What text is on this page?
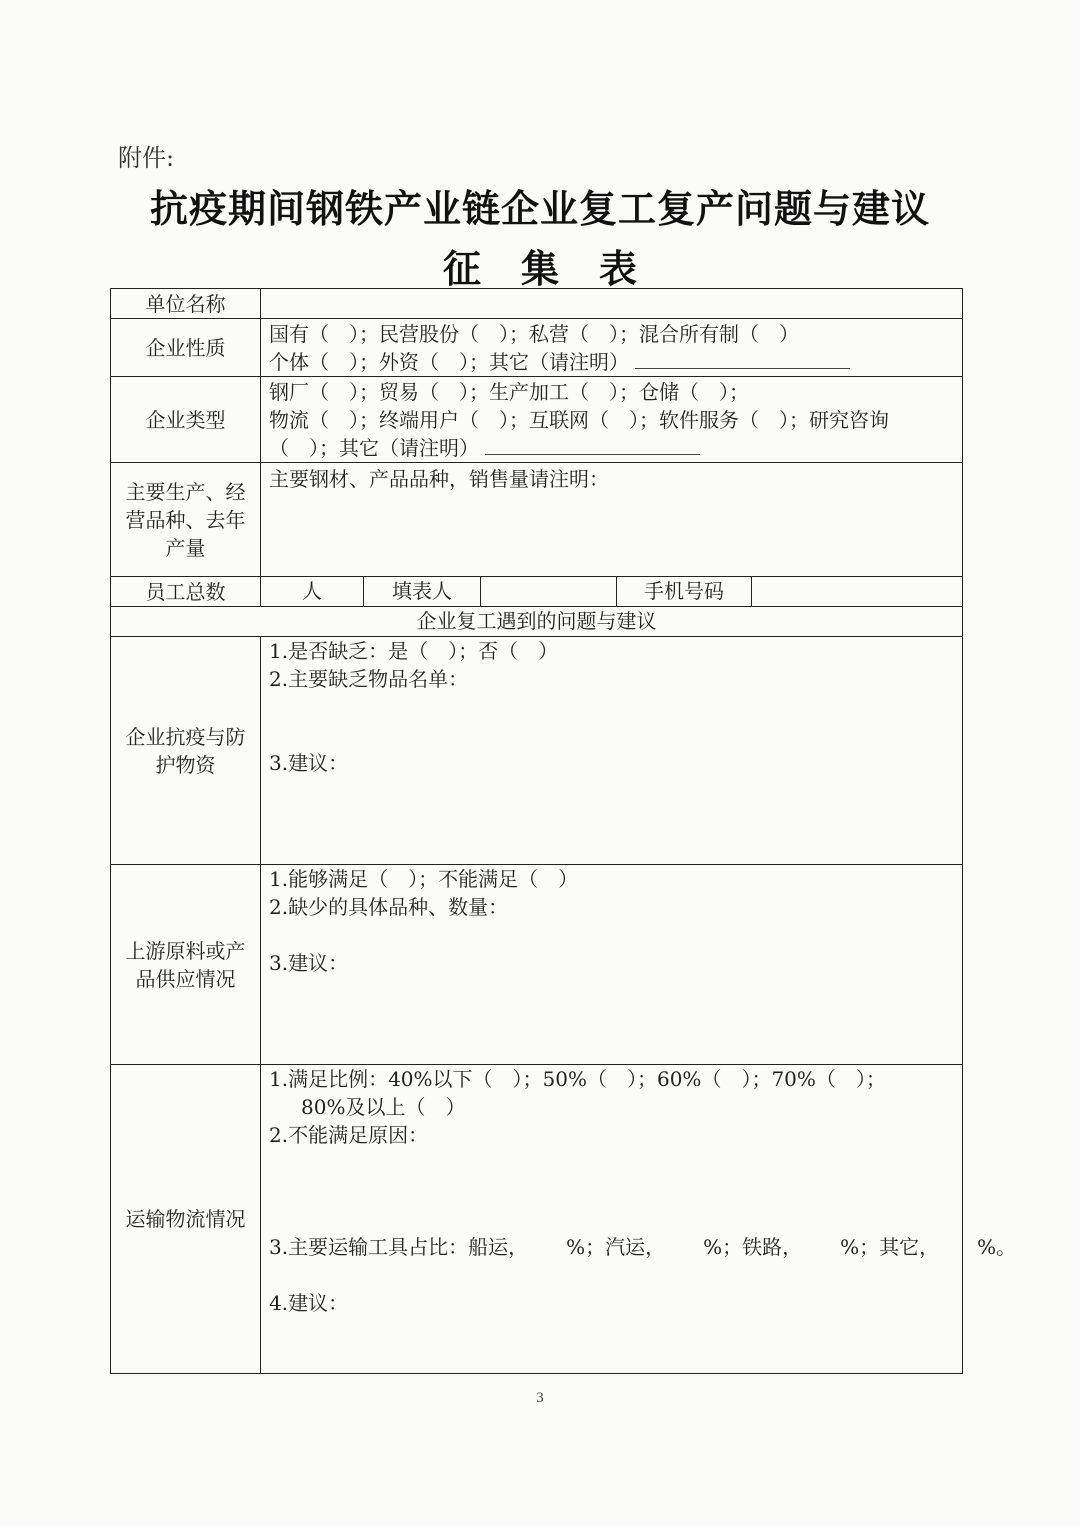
附件:
抗疫期间钢铁产业链企业复工复产问题与建议
征集表
单位名称					
企业性质	国有（　）；民营股份（　）；私营（　）；混合所有制（　）
个体（　）；外资（　）；其它（请注明）				

企业类型	钢厂（　）；贸易（　）；生产加工（　）；仓储（　）；
物流（　）；终端用户（　）；互联网（　）；软件服务（　）；研究咨询
（　）；其它（请注明）				

主要生产、经营品种、去年产量	主要钢材、产品品种，销售量请注明：				

员工总数	人	填表人		手机号码	
企业复工遇到的问题与建议					
企业抗疫与防护物资	1.是否缺乏：是（　）；否（　）
2.主要缺乏物品名单：
3.建议：				

上游原料或产品供应情况	1.能够满足（　）；不能满足（　）
2.缺少的具体品种、数量：
3.建议：				

运输物流情况	1.满足比例：40%以下（　）；50%（　）；60%（　）；70%（　）；
80%及以上（　）
2.不能满足原因：
3.主要运输工具占比：船运， %；汽运， %；铁路， %；其它， %。
4.建议：				
3
